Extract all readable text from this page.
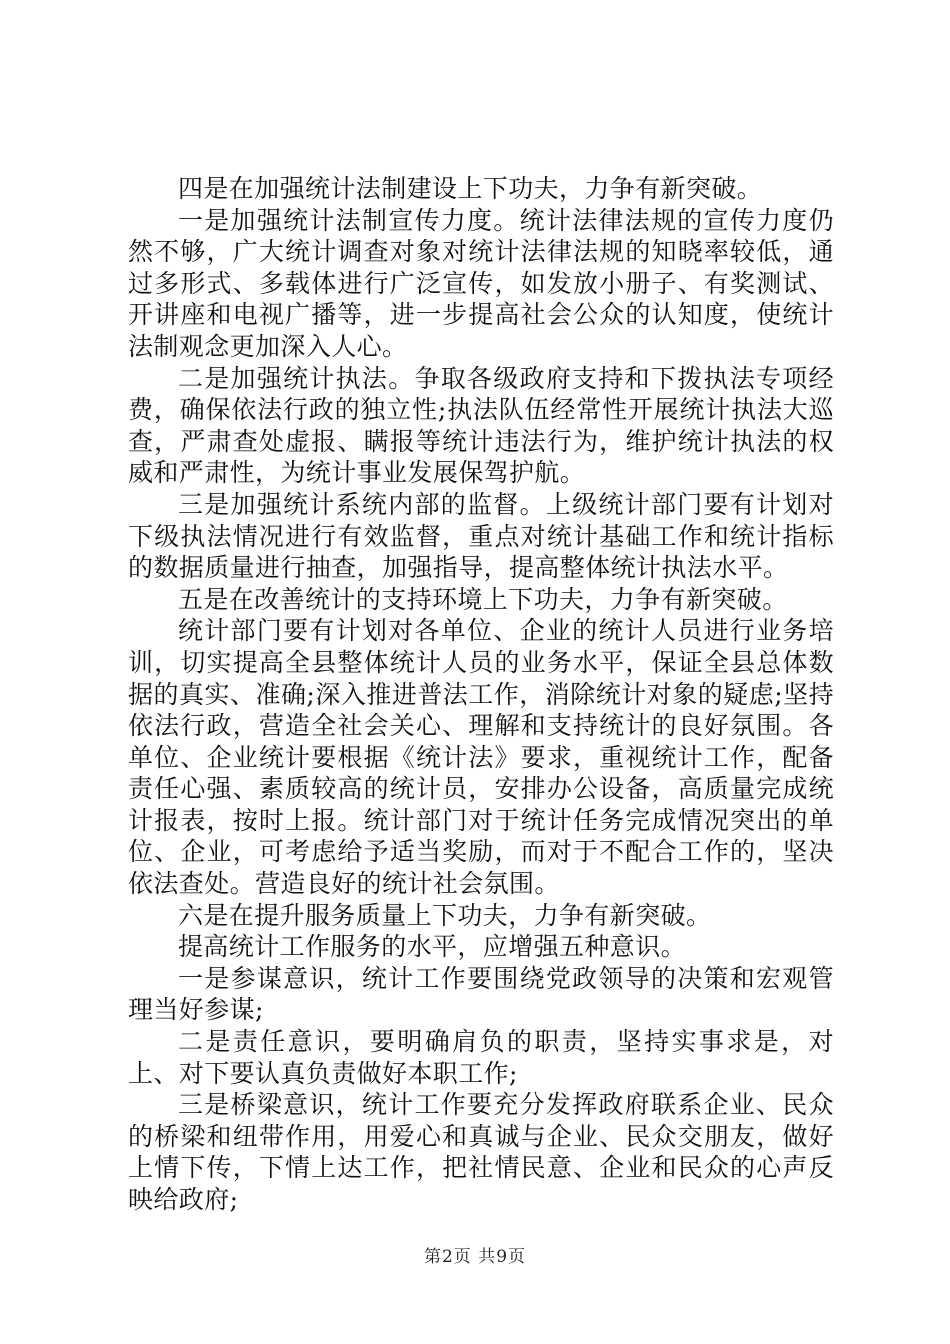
四是在加强统计法制建设上下功夫，力争有新突破。

一是加强统计法制宣传力度。统计法律法规的宣传力度仍然不够，广大统计调查对象对统计法律法规的知晓率较低，通过多形式、多载体进行广泛宣传，如发放小册子、有奖测试、开讲座和电视广播等，进一步提高社会公众的认知度，使统计法制观念更加深入人心。

二是加强统计执法。争取各级政府支持和下拨执法专项经费，确保依法行政的独立性;执法队伍经常性开展统计执法大巡查，严肃查处虚报、瞒报等统计违法行为，维护统计执法的权威和严肃性，为统计事业发展保驾护航。

三是加强统计系统内部的监督。上级统计部门要有计划对下级执法情况进行有效监督，重点对统计基础工作和统计指标的数据质量进行抽查，加强指导，提高整体统计执法水平。

五是在改善统计的支持环境上下功夫，力争有新突破。

统计部门要有计划对各单位、企业的统计人员进行业务培训，切实提高全县整体统计人员的业务水平，保证全县总体数据的真实、准确;深入推进普法工作，消除统计对象的疑虑;坚持依法行政，营造全社会关心、理解和支持统计的良好氛围。各单位、企业统计要根据《统计法》要求，重视统计工作，配备责任心强、素质较高的统计员，安排办公设备，高质量完成统计报表，按时上报。统计部门对于统计任务完成情况突出的单位、企业，可考虑给予适当奖励，而对于不配合工作的，坚决依法查处。营造良好的统计社会氛围。

六是在提升服务质量上下功夫，力争有新突破。

提高统计工作服务的水平，应增强五种意识。

一是参谋意识，统计工作要围绕党政领导的决策和宏观管理当好参谋;

二是责任意识，要明确肩负的职责，坚持实事求是，对上、对下要认真负责做好本职工作;

三是桥梁意识，统计工作要充分发挥政府联系企业、民众的桥梁和纽带作用，用爱心和真诚与企业、民众交朋友，做好上情下传，下情上达工作，把社情民意、企业和民众的心声反映给政府;

第2页 共9页
